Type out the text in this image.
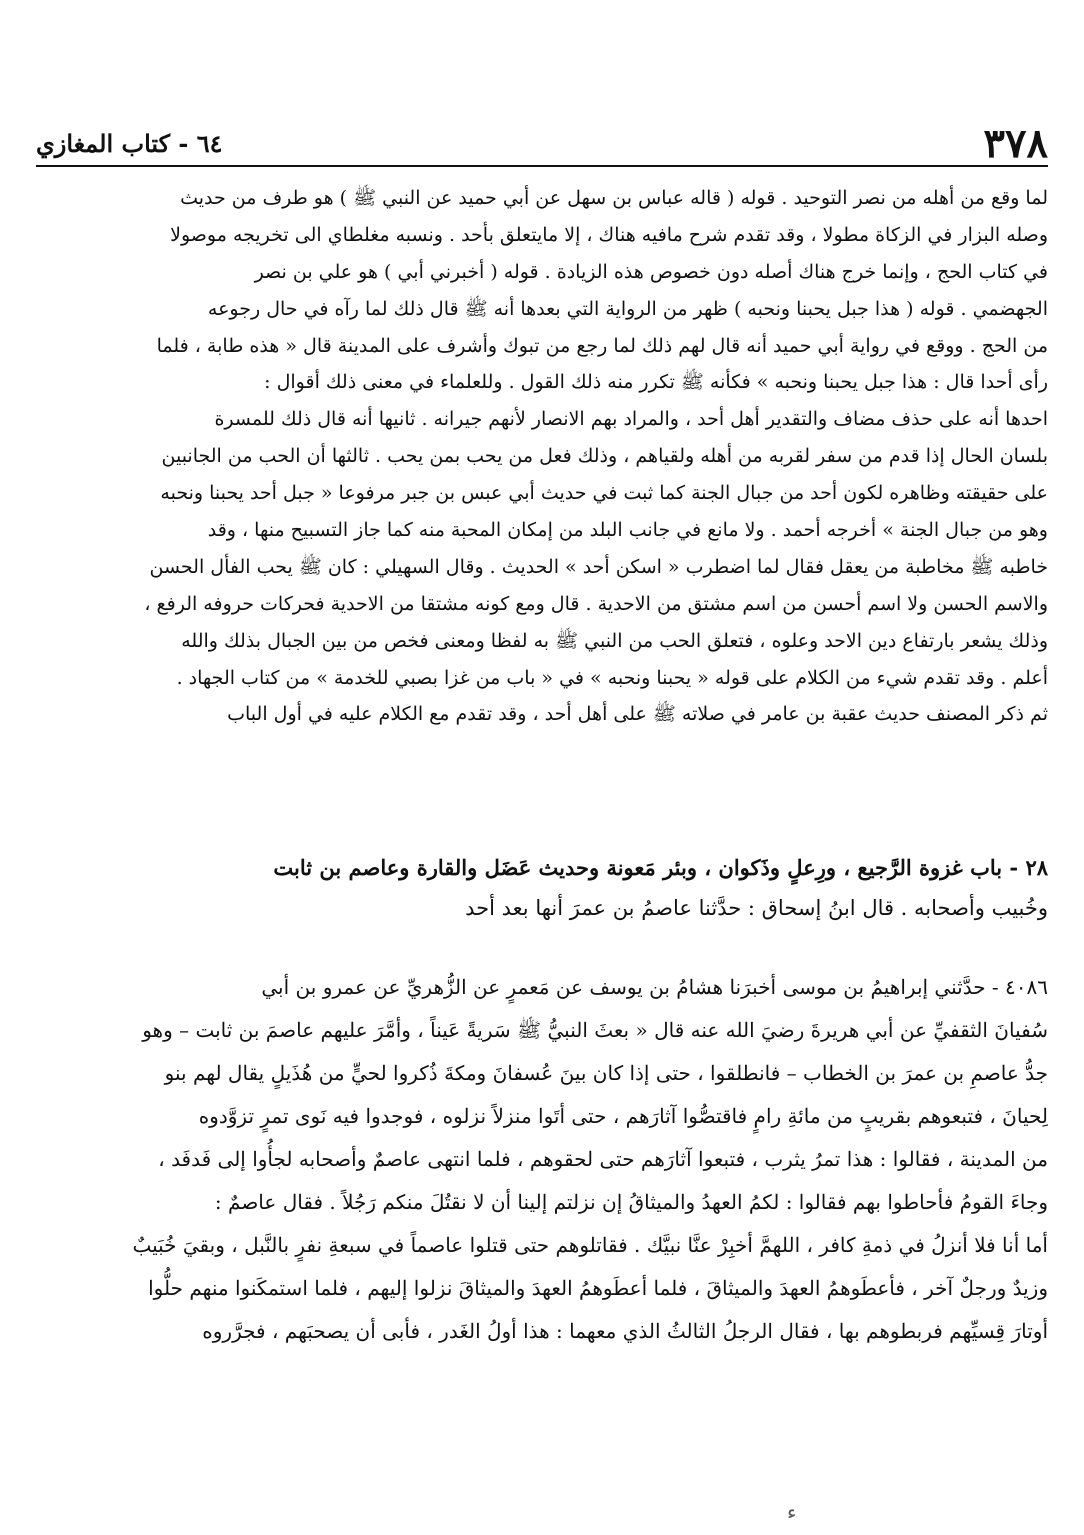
٣٧٨
٦٤ - كتاب المغازي

لما وقع من أهله من نصر التوحيد . قوله ( قاله عباس بن سهل عن أبي حميد عن النبي ﷺ ) هو طرف من حديث

وصله البزار في الزكاة مطولا ، وقد تقدم شرح مافيه هناك ، إلا مايتعلق بأحد . ونسبه مغلطاي الى تخريجه موصولا

في كتاب الحج ، وإنما خرج هناك أصله دون خصوص هذه الزيادة . قوله ( أخبرني أبي ) هو علي بن نصر

الجهضمي . قوله ( هذا جبل يحبنا ونحبه ) ظهر من الرواية التي بعدها أنه ﷺ قال ذلك لما رآه في حال رجوعه

من الحج . ووقع في رواية أبي حميد أنه قال لهم ذلك لما رجع من تبوك وأشرف على المدينة قال « هذه طابة ، فلما

رأى أحدا قال : هذا جبل يحبنا ونحبه » فكأنه ﷺ تكرر منه ذلك القول . وللعلماء في معنى ذلك أقوال :

احدها أنه على حذف مضاف والتقدير أهل أحد ، والمراد بهم الانصار لأنهم جيرانه . ثانيها أنه قال ذلك للمسرة

بلسان الحال إذا قدم من سفر لقربه من أهله ولقياهم ، وذلك فعل من يحب بمن يحب . ثالثها أن الحب من الجانبين

على حقيقته وظاهره لكون أحد من جبال الجنة كما ثبت في حديث أبي عبس بن جبر مرفوعا « جبل أحد يحبنا ونحبه

وهو من جبال الجنة » أخرجه أحمد . ولا مانع في جانب البلد من إمكان المحبة منه كما جاز التسبيح منها ، وقد

خاطبه ﷺ مخاطبة من يعقل فقال لما اضطرب « اسكن أحد » الحديث . وقال السهيلي : كان ﷺ يحب الفأل الحسن

والاسم الحسن ولا اسم أحسن من اسم مشتق من الاحدية . قال ومع كونه مشتقا من الاحدية فحركات حروفه الرفع ،

وذلك يشعر بارتفاع دين الاحد وعلوه ، فتعلق الحب من النبي ﷺ به لفظا ومعنى فخص من بين الجبال بذلك والله

أعلم . وقد تقدم شيء من الكلام على قوله « يحبنا ونحبه » في « باب من غزا بصبي للخدمة » من كتاب الجهاد .

ثم ذكر المصنف حديث عقبة بن عامر في صلاته ﷺ على أهل أحد ، وقد تقدم مع الكلام عليه في أول الباب

٢٨ - باب غزوة الرَّجيع ، ورِعلٍ وذَكوان ، وبئر مَعونة وحديث عَضَل والقارة وعاصم بن ثابت

وخُبيب وأصحابه . قال ابنُ إسحاق : حدَّثنا عاصمُ بن عمرَ أنها بعد أحد

٤٠٨٦ - حدَّثني إبراهيمُ بن موسى أخبرَنا هشامُ بن يوسف عن مَعمرٍ عن الزُّهريِّ عن عمرو بن أبي

سُفيانَ الثقفيِّ عن أبي هريرةَ رضيَ الله عنه قال « بعثَ النبيُّ ﷺ سَريةً عَيناً ، وأمَّرَ عليهم عاصمَ بن ثابت – وهو

جدُّ عاصمِ بن عمرَ بن الخطاب – فانطلقوا ، حتى إذا كان بينَ عُسفانَ ومكةَ ذُكروا لحيٍّ من هُذَيلٍ يقال لهم بنو

لِحيانَ ، فتبعوهم بقريبٍ من مائةِ رامٍ فاقتصُّوا آثارَهم ، حتى أتَوا منزلاً نزلوه ، فوجدوا فيه نَوى تمرٍ تزوَّدوه

من المدينة ، فقالوا : هذا تمرُ يثرب ، فتبعوا آثارَهم حتى لحقوهم ، فلما انتهى عاصمٌ وأصحابه لجأُوا إلى فَدفَد ،

وجاءَ القومُ فأحاطوا بهم فقالوا : لكمُ العهدُ والميثاقُ إن نزلتم إلينا أن لا نقتُلَ منكم رَجُلاً . فقال عاصمٌ :

أما أنا فلا أنزلُ في ذمةِ كافر ، اللهمَّ أخبِرْ عنَّا نبيَّك . فقاتلوهم حتى قتلوا عاصماً في سبعةِ نفرٍ بالنَّبل ، وبقيَ خُبَيبٌ

وزيدٌ ورجلٌ آخر ، فأعطَوهمُ العهدَ والميثاقَ ، فلما أعطَوهمُ العهدَ والميثاقَ نزلوا إليهم ، فلما استمكَنوا منهم حلُّوا

أوتارَ قِسيِّهم فربطوهم بها ، فقال الرجلُ الثالثُ الذي معهما : هذا أولُ الغَدر ، فأبى أن يصحبَهم ، فجرَّروه

ء
